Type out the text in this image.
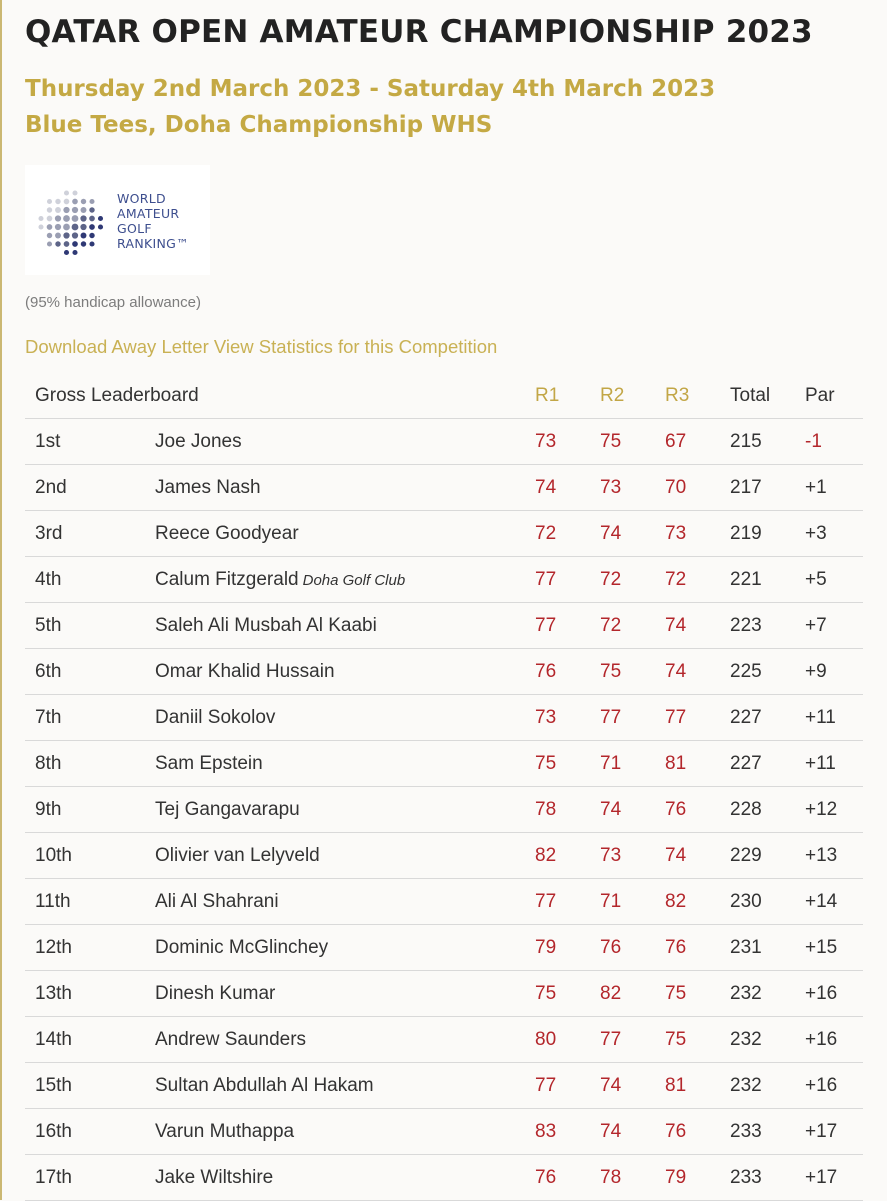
QATAR OPEN AMATEUR CHAMPIONSHIP 2023
Thursday 2nd March 2023 - Saturday 4th March 2023
Blue Tees, Doha Championship WHS
WORLD
AMATEUR
GOLF
RANKING™
(95% handicap allowance)
Download Away Letter View Statistics for this Competition
Gross Leaderboard		R1	R2	R3	Total	Par
1st	Joe Jones	73	75	67	215	-1
2nd	James Nash	74	73	70	217	+1
3rd	Reece Goodyear	72	74	73	219	+3
4th	Calum Fitzgerald Doha Golf Club	77	72	72	221	+5
5th	Saleh Ali Musbah Al Kaabi	77	72	74	223	+7
6th	Omar Khalid Hussain	76	75	74	225	+9
7th	Daniil Sokolov	73	77	77	227	+11
8th	Sam Epstein	75	71	81	227	+11
9th	Tej Gangavarapu	78	74	76	228	+12
10th	Olivier van Lelyveld	82	73	74	229	+13
11th	Ali Al Shahrani	77	71	82	230	+14
12th	Dominic McGlinchey	79	76	76	231	+15
13th	Dinesh Kumar	75	82	75	232	+16
14th	Andrew Saunders	80	77	75	232	+16
15th	Sultan Abdullah Al Hakam	77	74	81	232	+16
16th	Varun Muthappa	83	74	76	233	+17
17th	Jake Wiltshire	76	78	79	233	+17
